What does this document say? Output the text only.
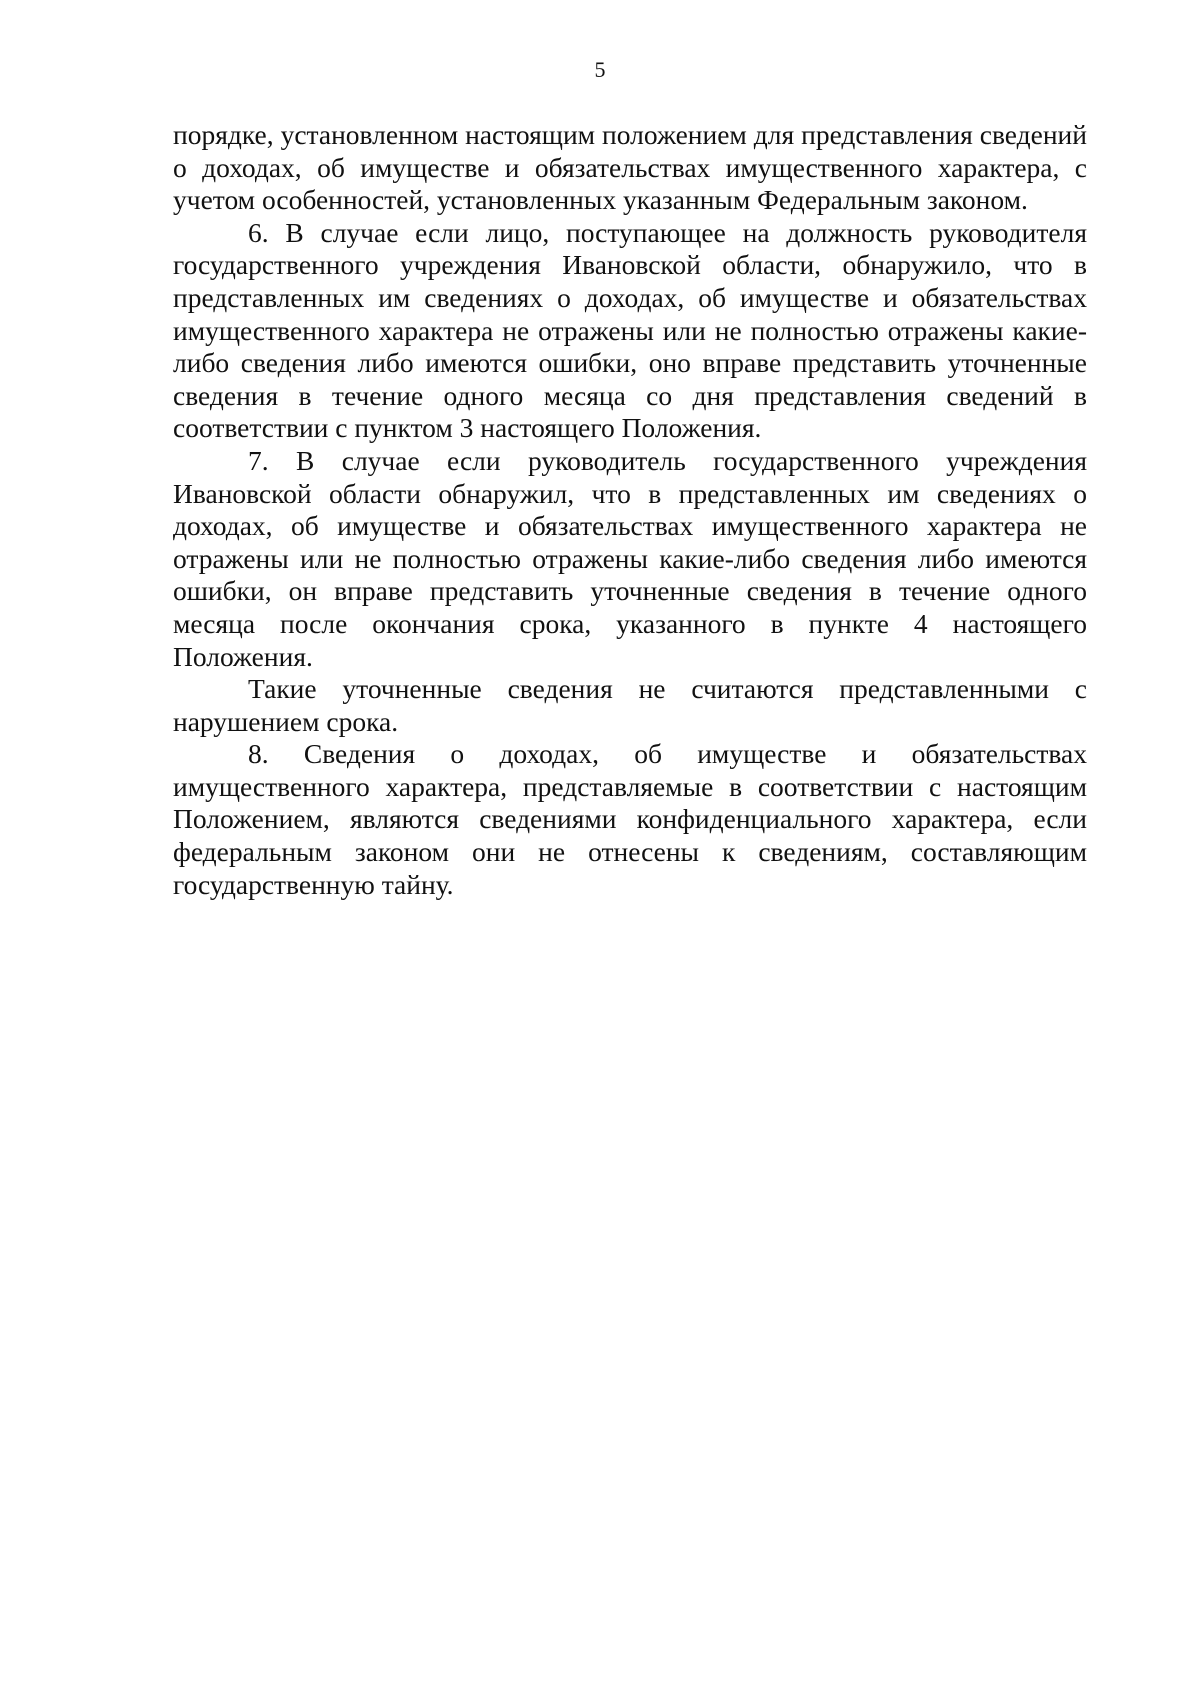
5

порядке, установленном настоящим положением для представления сведений о доходах, об имуществе и обязательствах имущественного характера, с учетом особенностей, установленных указанным Федеральным законом.

6. В случае если лицо, поступающее на должность руководителя государственного учреждения Ивановской области, обнаружило, что в представленных им сведениях о доходах, об имуществе и обязательствах имущественного характера не отражены или не полностью отражены какие-либо сведения либо имеются ошибки, оно вправе представить уточненные сведения в течение одного месяца со дня представления сведений в соответствии с пунктом 3 настоящего Положения.

7. В случае если руководитель государственного учреждения Ивановской области обнаружил, что в представленных им сведениях о доходах, об имуществе и обязательствах имущественного характера не отражены или не полностью отражены какие-либо сведения либо имеются ошибки, он вправе представить уточненные сведения в течение одного месяца после окончания срока, указанного в пункте 4 настоящего Положения.

Такие уточненные сведения не считаются представленными с нарушением срока.

8. Сведения о доходах, об имуществе и обязательствах имущественного характера, представляемые в соответствии с настоящим Положением, являются сведениями конфиденциального характера, если федеральным законом они не отнесены к сведениям, составляющим государственную тайну.
